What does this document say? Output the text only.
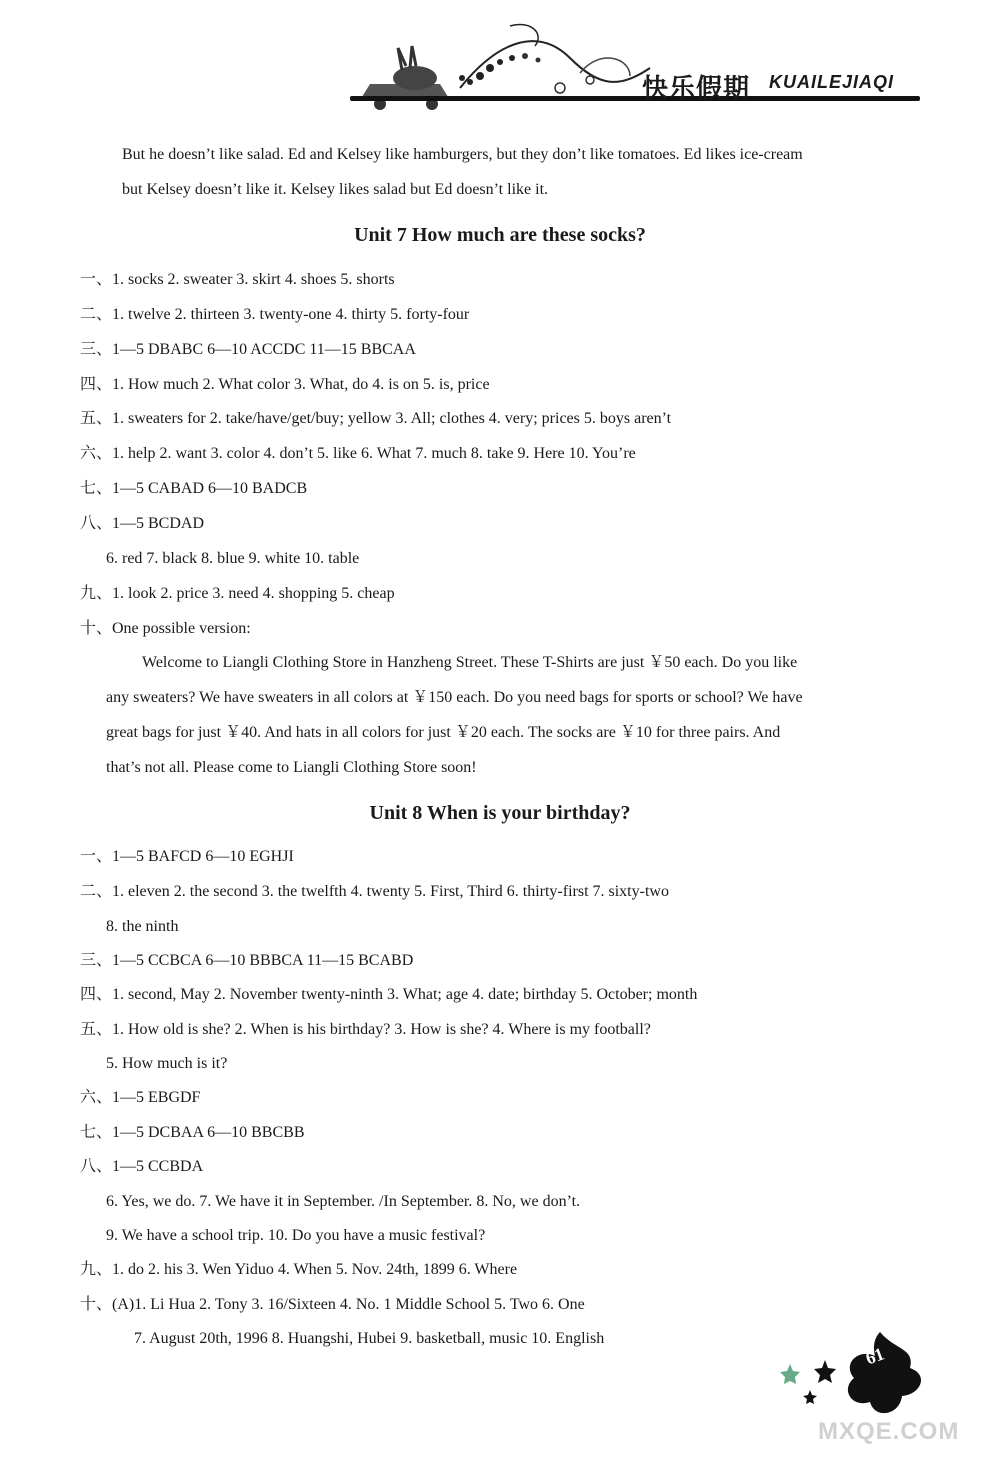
快乐假期 KUAILEJIAQI
But he doesn’t like salad. Ed and Kelsey like hamburgers, but they don’t like tomatoes. Ed likes ice-cream
but Kelsey doesn’t like it. Kelsey likes salad but Ed doesn’t like it.
Unit 7 How much are these socks?
一、1. socks 2. sweater 3. skirt 4. shoes 5. shorts
二、1. twelve 2. thirteen 3. twenty-one 4. thirty 5. forty-four
三、1—5 DBABC 6—10 ACCDC 11—15 BBCAA
四、1. How much 2. What color 3. What, do 4. is on 5. is, price
五、1. sweaters for 2. take/have/get/buy; yellow 3. All; clothes 4. very; prices 5. boys aren’t
六、1. help 2. want 3. color 4. don’t 5. like 6. What 7. much 8. take 9. Here 10. You’re
七、1—5 CABAD 6—10 BADCB
八、1—5 BCDAD
6. red 7. black 8. blue 9. white 10. table
九、1. look 2. price 3. need 4. shopping 5. cheap
十、One possible version:
Welcome to Liangli Clothing Store in Hanzheng Street. These T-Shirts are just ￥50 each. Do you like
any sweaters? We have sweaters in all colors at ￥150 each. Do you need bags for sports or school? We have
great bags for just ￥40. And hats in all colors for just ￥20 each. The socks are ￥10 for three pairs. And
that’s not all. Please come to Liangli Clothing Store soon!
Unit 8 When is your birthday?
一、1—5 BAFCD 6—10 EGHJI
二、1. eleven 2. the second 3. the twelfth 4. twenty 5. First, Third 6. thirty-first 7. sixty-two
8. the ninth
三、1—5 CCBCA 6—10 BBBCA 11—15 BCABD
四、1. second, May 2. November twenty-ninth 3. What; age 4. date; birthday 5. October; month
五、1. How old is she? 2. When is his birthday? 3. How is she? 4. Where is my football?
5. How much is it?
六、1—5 EBGDF
七、1—5 DCBAA 6—10 BBCBB
八、1—5 CCBDA
6. Yes, we do. 7. We have it in September. /In September. 8. No, we don’t.
9. We have a school trip. 10. Do you have a music festival?
九、1. do 2. his 3. Wen Yiduo 4. When 5. Nov. 24th, 1899 6. Where
十、(A)1. Li Hua 2. Tony 3. 16/Sixteen 4. No. 1 Middle School 5. Two 6. One
7. August 20th, 1996 8. Huangshi, Hubei 9. basketball, music 10. English
61
MXQE.COM
